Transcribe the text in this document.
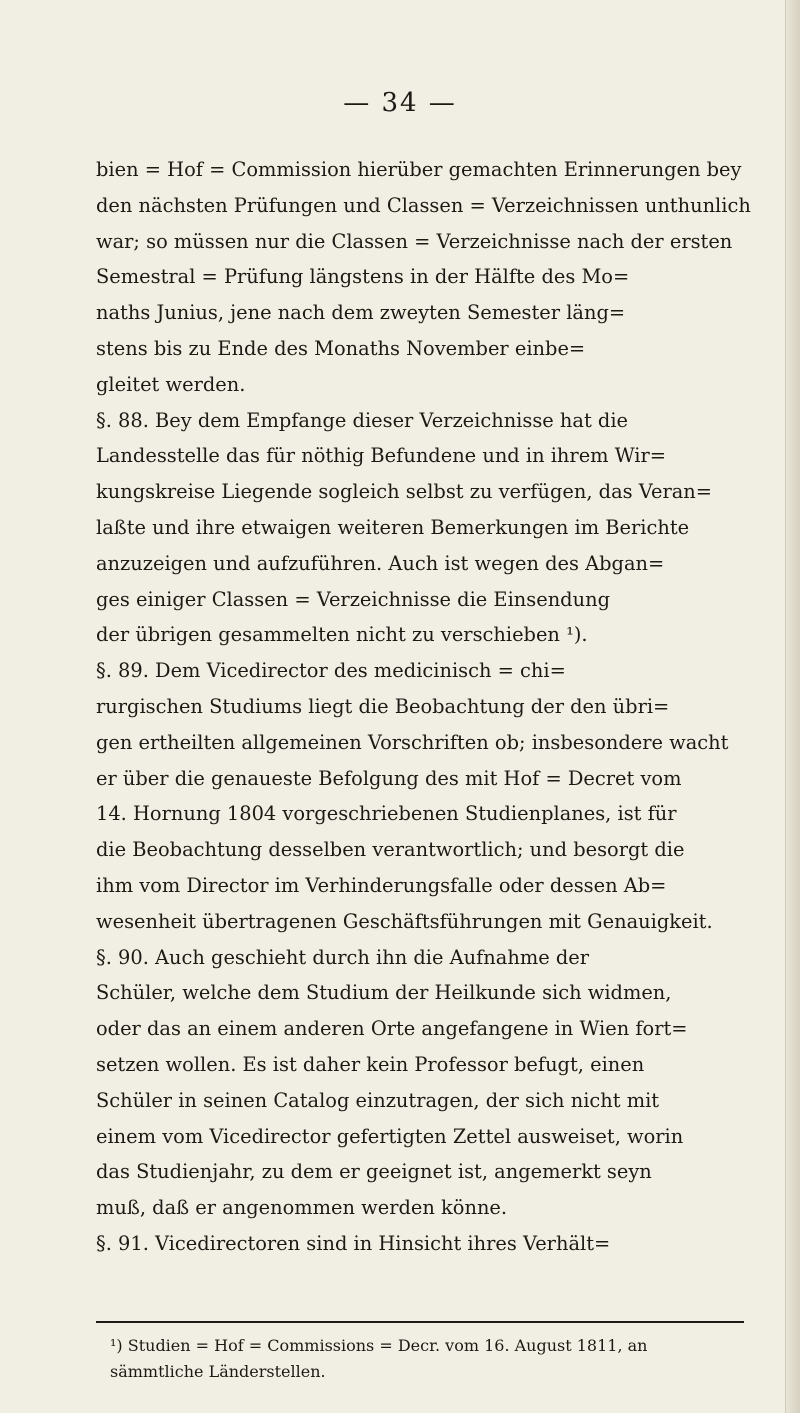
— 34 —
bien = Hof = Commission hierüber gemachten Erinnerungen bey
den nächsten Prüfungen und Classen = Verzeichnissen unthunlich
war; so müssen nur die Classen = Verzeichnisse nach der ersten
Semestral = Prüfung längstens in der Hälfte des Mo=
naths Junius, jene nach dem zweyten Semester läng=
stens bis zu Ende des Monaths November einbe=
gleitet werden.
§. 88. Bey dem Empfange dieser Verzeichnisse hat die
Landesstelle das für nöthig Befundene und in ihrem Wir=
kungskreise Liegende sogleich selbst zu verfügen, das Veran=
laßte und ihre etwaigen weiteren Bemerkungen im Berichte
anzuzeigen und aufzuführen. Auch ist wegen des Abgan=
ges einiger Classen = Verzeichnisse die Einsendung
der übrigen gesammelten nicht zu verschieben ¹).
§. 89. Dem Vicedirector des medicinisch = chi=
rurgischen Studiums liegt die Beobachtung der den übri=
gen ertheilten allgemeinen Vorschriften ob; insbesondere wacht
er über die genaueste Befolgung des mit Hof = Decret vom
14. Hornung 1804 vorgeschriebenen Studienplanes, ist für
die Beobachtung desselben verantwortlich; und besorgt die
ihm vom Director im Verhinderungsfalle oder dessen Ab=
wesenheit übertragenen Geschäftsführungen mit Genauigkeit.
§. 90. Auch geschieht durch ihn die Aufnahme der
Schüler, welche dem Studium der Heilkunde sich widmen,
oder das an einem anderen Orte angefangene in Wien fort=
setzen wollen. Es ist daher kein Professor befugt, einen
Schüler in seinen Catalog einzutragen, der sich nicht mit
einem vom Vicedirector gefertigten Zettel ausweiset, worin
das Studienjahr, zu dem er geeignet ist, angemerkt seyn
muß, daß er angenommen werden könne.
§. 91. Vicedirectoren sind in Hinsicht ihres Verhält=
¹) Studien = Hof = Commissions = Decr. vom 16. August 1811, an
sämmtliche Länderstellen.
